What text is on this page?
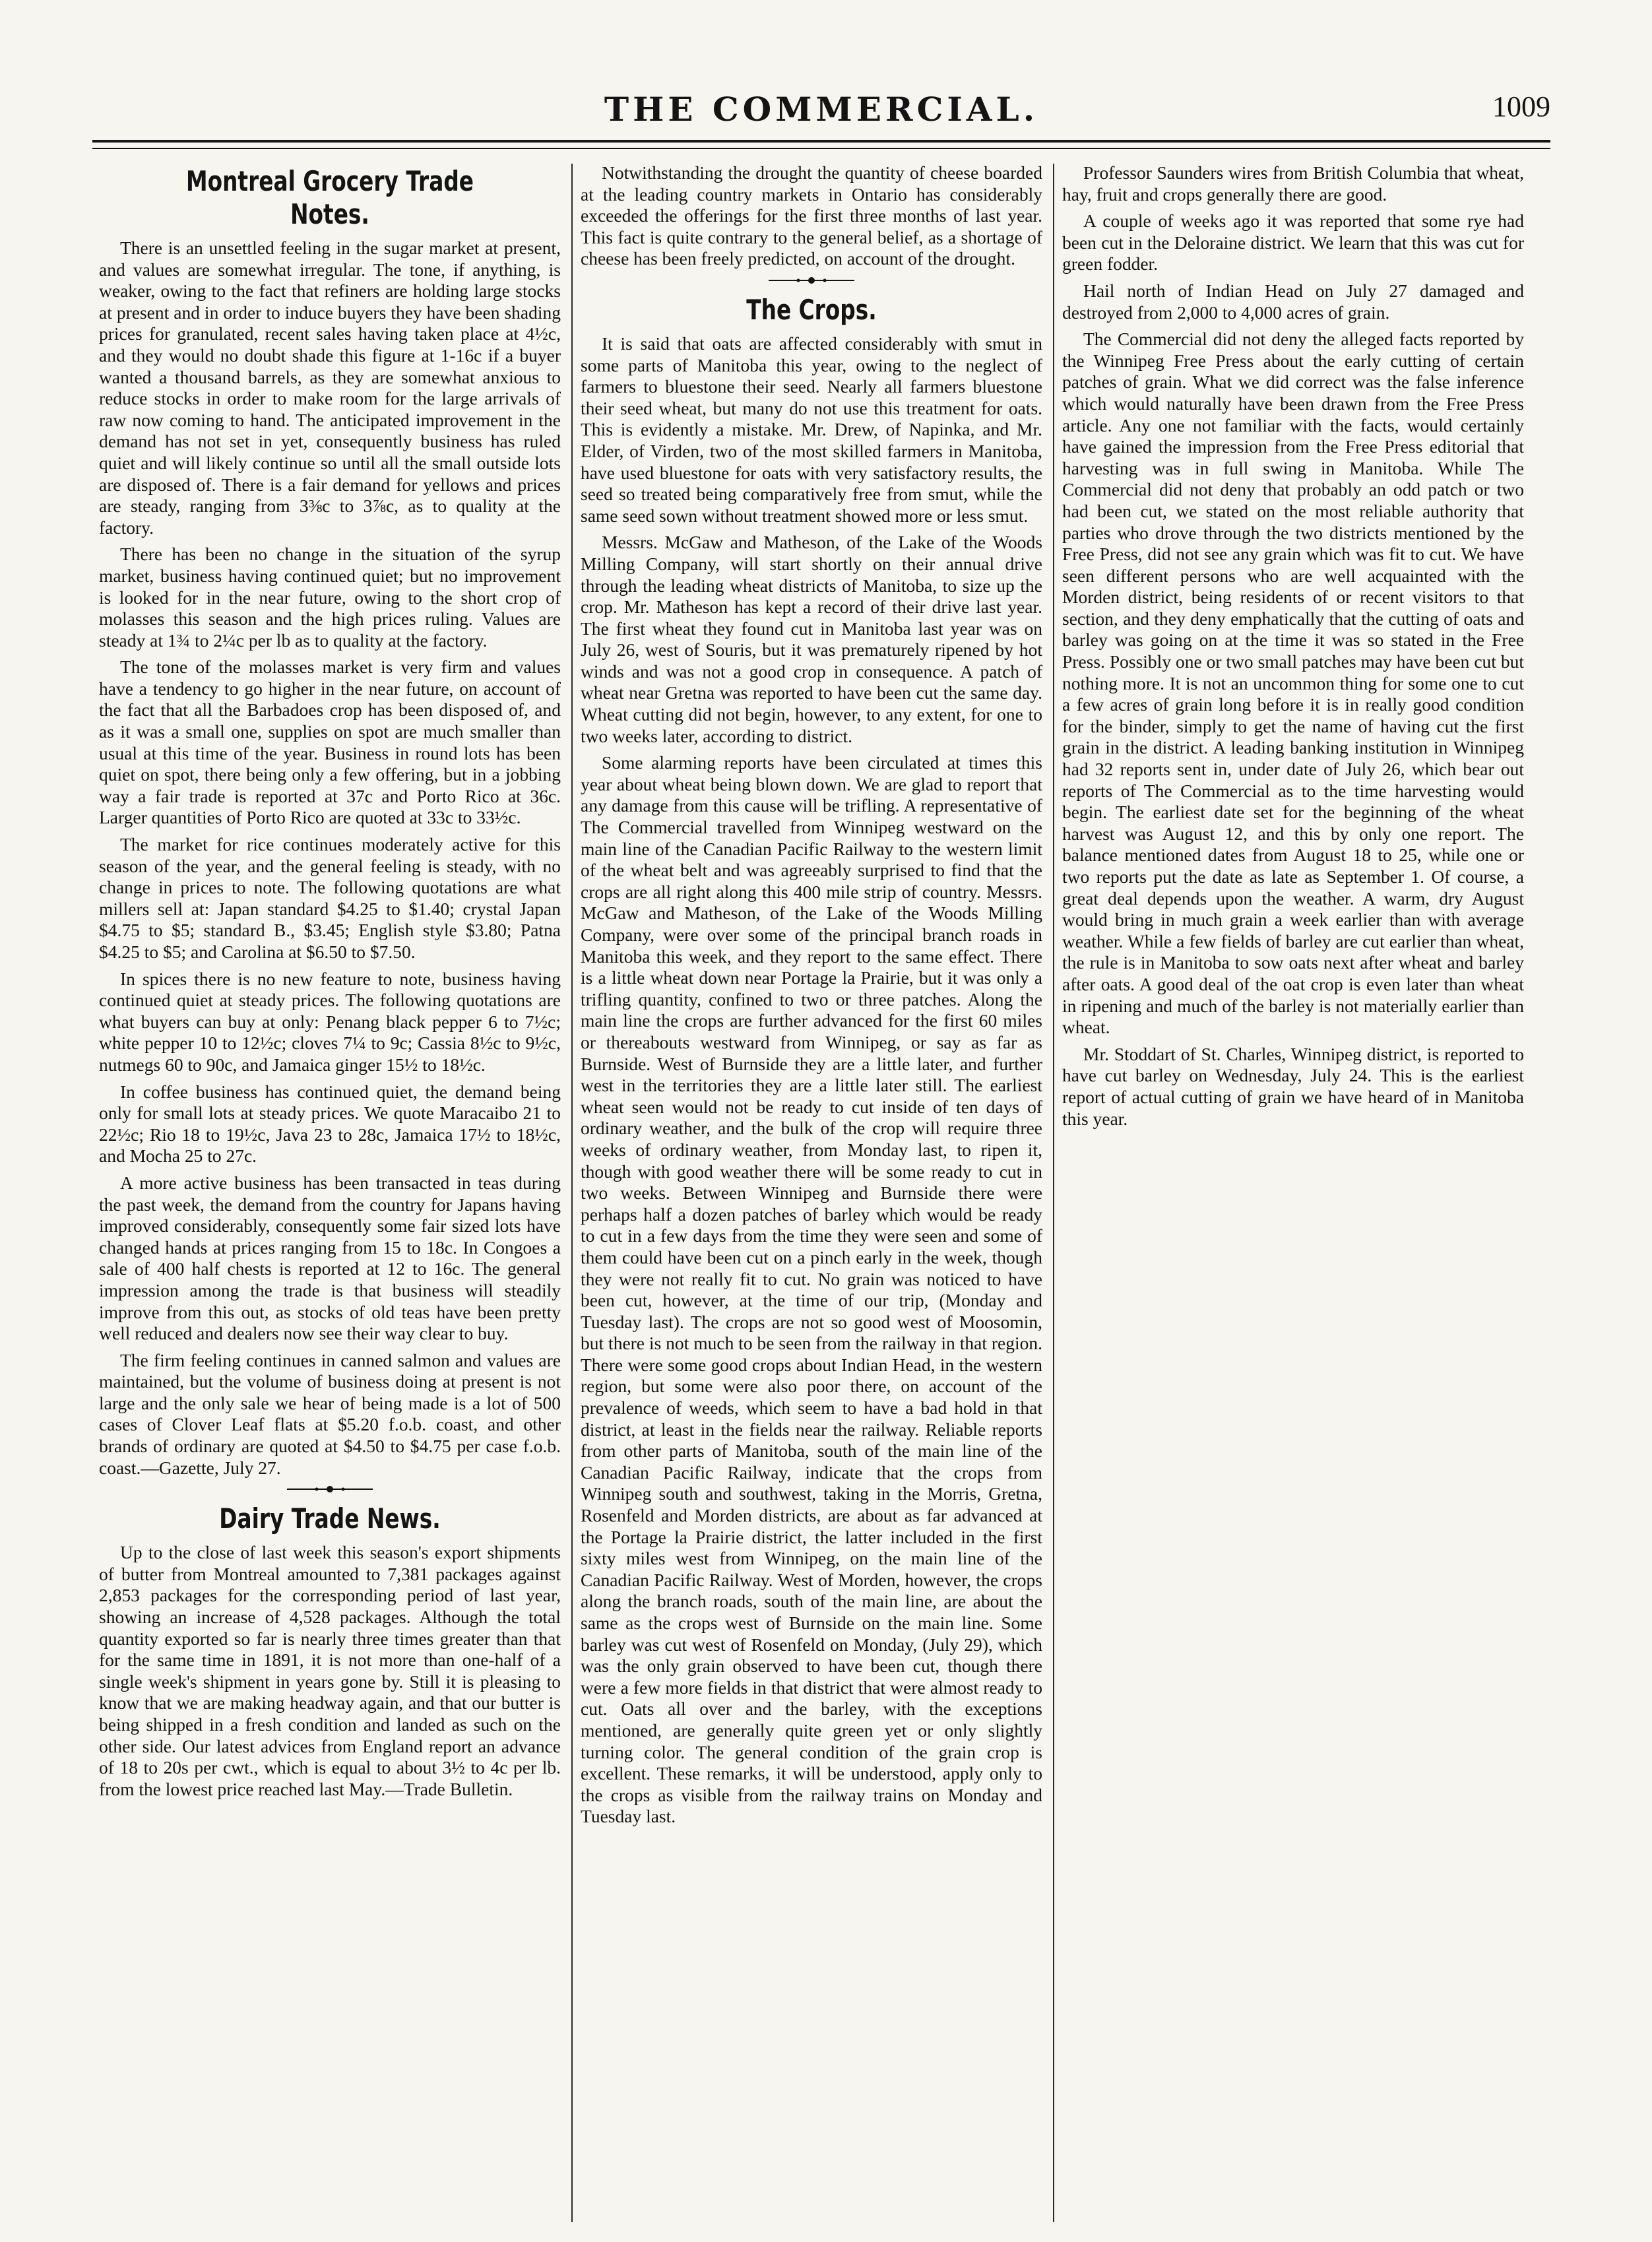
THE COMMERCIAL.	1009
Montreal Grocery Trade Notes.

There is an unsettled feeling in the sugar market at present, and values are somewhat irregular. The tone, if anything, is weaker, owing to the fact that refiners are holding large stocks at present and in order to induce buyers they have been shading prices for granulated, recent sales having taken place at 4½c, and they would no doubt shade this figure at 1-16c if a buyer wanted a thousand barrels, as they are somewhat anxious to reduce stocks in order to make room for the large arrivals of raw now coming to hand. The anticipated improvement in the demand has not set in yet, consequently business has ruled quiet and will likely continue so until all the small outside lots are disposed of. There is a fair demand for yellows and prices are steady, ranging from 3⅜c to 3⅞c, as to quality at the factory.

There has been no change in the situation of the syrup market, business having continued quiet; but no improvement is looked for in the near future, owing to the short crop of molasses this season and the high prices ruling. Values are steady at 1¾ to 2¼c per lb as to quality at the factory.

The tone of the molasses market is very firm and values have a tendency to go higher in the near future, on account of the fact that all the Barbadoes crop has been disposed of, and as it was a small one, supplies on spot are much smaller than usual at this time of the year. Business in round lots has been quiet on spot, there being only a few offering, but in a jobbing way a fair trade is reported at 37c and Porto Rico at 36c. Larger quantities of Porto Rico are quoted at 33c to 33½c.

The market for rice continues moderately active for this season of the year, and the general feeling is steady, with no change in prices to note. The following quotations are what millers sell at: Japan standard $4.25 to $1.40; crystal Japan $4.75 to $5; standard B., $3.45; English style $3.80; Patna $4.25 to $5; and Carolina at $6.50 to $7.50.

In spices there is no new feature to note, business having continued quiet at steady prices. The following quotations are what buyers can buy at only: Penang black pepper 6 to 7½c; white pepper 10 to 12½c; cloves 7¼ to 9c; Cassia 8½c to 9½c, nutmegs 60 to 90c, and Jamaica ginger 15½ to 18½c.

In coffee business has continued quiet, the demand being only for small lots at steady prices. We quote Maracaibo 21 to 22½c; Rio 18 to 19½c, Java 23 to 28c, Jamaica 17½ to 18½c, and Mocha 25 to 27c.

A more active business has been transacted in teas during the past week, the demand from the country for Japans having improved considerably, consequently some fair sized lots have changed hands at prices ranging from 15 to 18c. In Congoes a sale of 400 half chests is reported at 12 to 16c. The general impression among the trade is that business will steadily improve from this out, as stocks of old teas have been pretty well reduced and dealers now see their way clear to buy.

The firm feeling continues in canned salmon and values are maintained, but the volume of business doing at present is not large and the only sale we hear of being made is a lot of 500 cases of Clover Leaf flats at $5.20 f.o.b. coast, and other brands of ordinary are quoted at $4.50 to $4.75 per case f.o.b. coast.—Gazette, July 27.

Dairy Trade News.

Up to the close of last week this season's export shipments of butter from Montreal amounted to 7,381 packages against 2,853 packages for the corresponding period of last year, showing an increase of 4,528 packages. Although the total quantity exported so far is nearly three times greater than that for the same time in 1891, it is not more than one-half of a single week's shipment in years gone by. Still it is pleasing to know that we are making headway again, and that our butter is being shipped in a fresh condition and landed as such on the other side. Our latest advices from England report an advance of 18 to 20s per cwt., which is equal to about 3½ to 4c per lb. from the lowest price reached last May.—Trade Bulletin.

Notwithstanding the drought the quantity of cheese boarded at the leading country markets in Ontario has considerably exceeded the offerings for the first three months of last year. This fact is quite contrary to the general belief, as a shortage of cheese has been freely predicted, on account of the drought.

The Crops.

It is said that oats are affected considerably with smut in some parts of Manitoba this year, owing to the neglect of farmers to bluestone their seed. Nearly all farmers bluestone their seed wheat, but many do not use this treatment for oats. This is evidently a mistake. Mr. Drew, of Napinka, and Mr. Elder, of Virden, two of the most skilled farmers in Manitoba, have used bluestone for oats with very satisfactory results, the seed so treated being comparatively free from smut, while the same seed sown without treatment showed more or less smut.

Messrs. McGaw and Matheson, of the Lake of the Woods Milling Company, will start shortly on their annual drive through the leading wheat districts of Manitoba, to size up the crop. Mr. Matheson has kept a record of their drive last year. The first wheat they found cut in Manitoba last year was on July 26, west of Souris, but it was prematurely ripened by hot winds and was not a good crop in consequence. A patch of wheat near Gretna was reported to have been cut the same day. Wheat cutting did not begin, however, to any extent, for one to two weeks later, according to district.

Some alarming reports have been circulated at times this year about wheat being blown down. We are glad to report that any damage from this cause will be trifling. A representative of The Commercial travelled from Winnipeg westward on the main line of the Canadian Pacific Railway to the western limit of the wheat belt and was agreeably surprised to find that the crops are all right along this 400 mile strip of country. Messrs. McGaw and Matheson, of the Lake of the Woods Milling Company, were over some of the principal branch roads in Manitoba this week, and they report to the same effect. There is a little wheat down near Portage la Prairie, but it was only a trifling quantity, confined to two or three patches. Along the main line the crops are further advanced for the first 60 miles or thereabouts westward from Winnipeg, or say as far as Burnside. West of Burnside they are a little later, and further west in the territories they are a little later still. The earliest wheat seen would not be ready to cut inside of ten days of ordinary weather, and the bulk of the crop will require three weeks of ordinary weather, from Monday last, to ripen it, though with good weather there will be some ready to cut in two weeks. Between Winnipeg and Burnside there were perhaps half a dozen patches of barley which would be ready to cut in a few days from the time they were seen and some of them could have been cut on a pinch early in the week, though they were not really fit to cut. No grain was noticed to have been cut, however, at the time of our trip, (Monday and Tuesday last). The crops are not so good west of Moosomin, but there is not much to be seen from the railway in that region. There were some good crops about Indian Head, in the western region, but some were also poor there, on account of the prevalence of weeds, which seem to have a bad hold in that district, at least in the fields near the railway. Reliable reports from other parts of Manitoba, south of the main line of the Canadian Pacific Railway, indicate that the crops from Winnipeg south and southwest, taking in the Morris, Gretna, Rosenfeld and Morden districts, are about as far advanced at the Portage la Prairie district, the latter included in the first sixty miles west from Winnipeg, on the main line of the Canadian Pacific Railway. West of Morden, however, the crops along the branch roads, south of the main line, are about the same as the crops west of Burnside on the main line. Some barley was cut west of Rosenfeld on Monday, (July 29), which was the only grain observed to have been cut, though there were a few more fields in that district that were almost ready to cut. Oats all over and the barley, with the exceptions mentioned, are generally quite green yet or only slightly turning color. The general condition of the grain crop is excellent. These remarks, it will be understood, apply only to the crops as visible from the railway trains on Monday and Tuesday last.

Professor Saunders wires from British Columbia that wheat, hay, fruit and crops generally there are good.

A couple of weeks ago it was reported that some rye had been cut in the Deloraine district. We learn that this was cut for green fodder.

Hail north of Indian Head on July 27 damaged and destroyed from 2,000 to 4,000 acres of grain.

The Commercial did not deny the alleged facts reported by the Winnipeg Free Press about the early cutting of certain patches of grain. What we did correct was the false inference which would naturally have been drawn from the Free Press article. Any one not familiar with the facts, would certainly have gained the impression from the Free Press editorial that harvesting was in full swing in Manitoba. While The Commercial did not deny that probably an odd patch or two had been cut, we stated on the most reliable authority that parties who drove through the two districts mentioned by the Free Press, did not see any grain which was fit to cut. We have seen different persons who are well acquainted with the Morden district, being residents of or recent visitors to that section, and they deny emphatically that the cutting of oats and barley was going on at the time it was so stated in the Free Press. Possibly one or two small patches may have been cut but nothing more. It is not an uncommon thing for some one to cut a few acres of grain long before it is in really good condition for the binder, simply to get the name of having cut the first grain in the district. A leading banking institution in Winnipeg had 32 reports sent in, under date of July 26, which bear out reports of The Commercial as to the time harvesting would begin. The earliest date set for the beginning of the wheat harvest was August 12, and this by only one report. The balance mentioned dates from August 18 to 25, while one or two reports put the date as late as September 1. Of course, a great deal depends upon the weather. A warm, dry August would bring in much grain a week earlier than with average weather. While a few fields of barley are cut earlier than wheat, the rule is in Manitoba to sow oats next after wheat and barley after oats. A good deal of the oat crop is even later than wheat in ripening and much of the barley is not materially earlier than wheat.

Mr. Stoddart of St. Charles, Winnipeg district, is reported to have cut barley on Wednesday, July 24. This is the earliest report of actual cutting of grain we have heard of in Manitoba this year.
